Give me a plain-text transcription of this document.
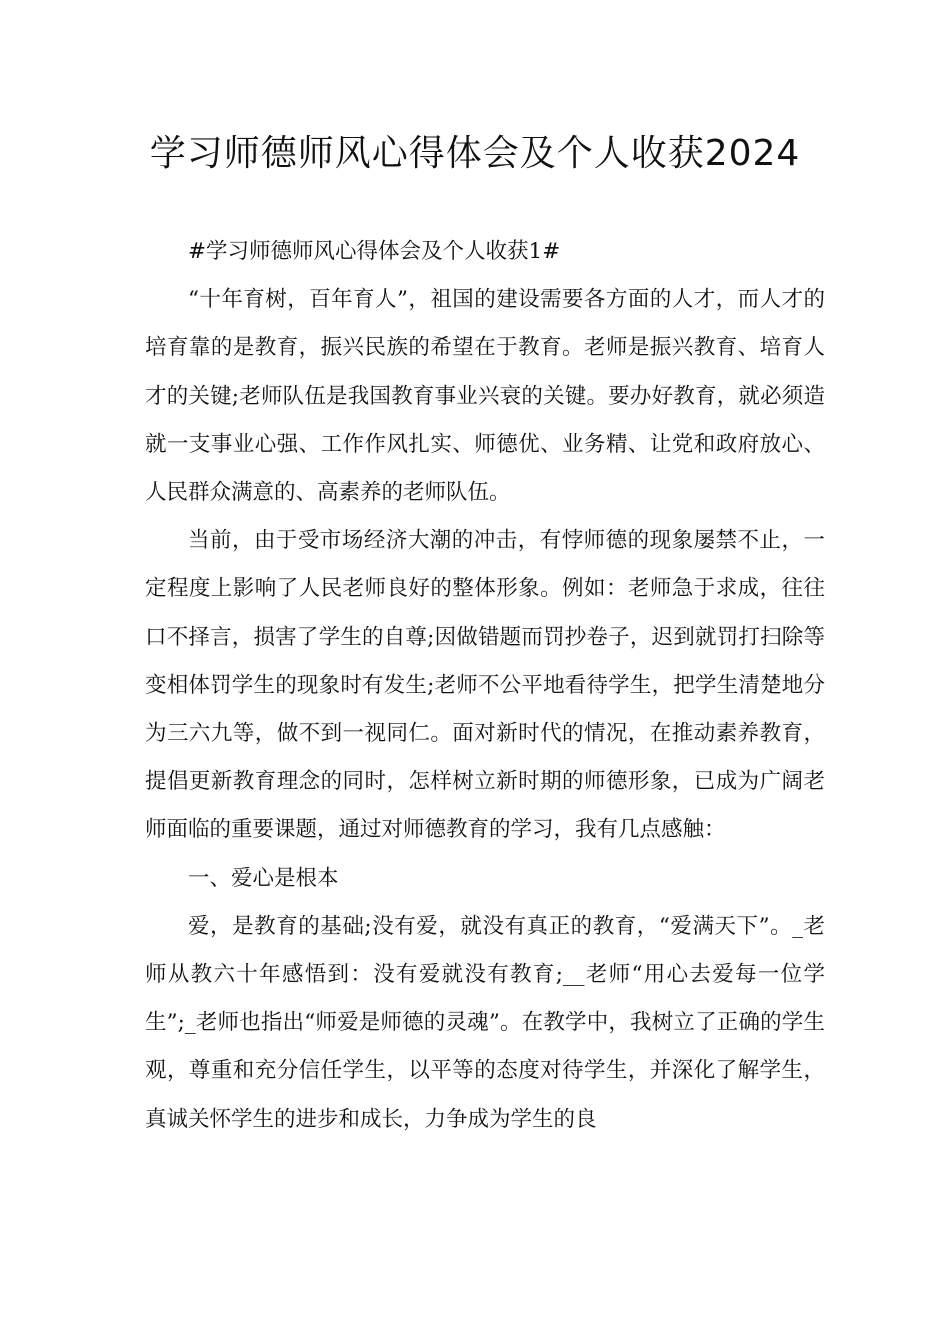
学习师德师风心得体会及个人收获2024

#学习师德师风心得体会及个人收获1#

“十年育树，百年育人”，祖国的建设需要各方面的人才，而人才的培育靠的是教育，振兴民族的希望在于教育。老师是振兴教育、培育人才的关键;老师队伍是我国教育事业兴衰的关键。要办好教育，就必须造就一支事业心强、工作作风扎实、师德优、业务精、让党和政府放心、人民群众满意的、高素养的老师队伍。

当前，由于受市场经济大潮的冲击，有悖师德的现象屡禁不止，一定程度上影响了人民老师良好的整体形象。例如：老师急于求成，往往口不择言，损害了学生的自尊;因做错题而罚抄卷子，迟到就罚打扫除等变相体罚学生的现象时有发生;老师不公平地看待学生，把学生清楚地分为三六九等，做不到一视同仁。面对新时代的情况，在推动素养教育，提倡更新教育理念的同时，怎样树立新时期的师德形象，已成为广阔老师面临的重要课题，通过对师德教育的学习，我有几点感触：

一、爱心是根本

爱，是教育的基础;没有爱，就没有真正的教育，“爱满天下”。_老师从教六十年感悟到：没有爱就没有教育;__老师“用心去爱每一位学生”;_老师也指出“师爱是师德的灵魂”。在教学中，我树立了正确的学生观，尊重和充分信任学生，以平等的态度对待学生，并深化了解学生，真诚关怀学生的进步和成长，力争成为学生的良
